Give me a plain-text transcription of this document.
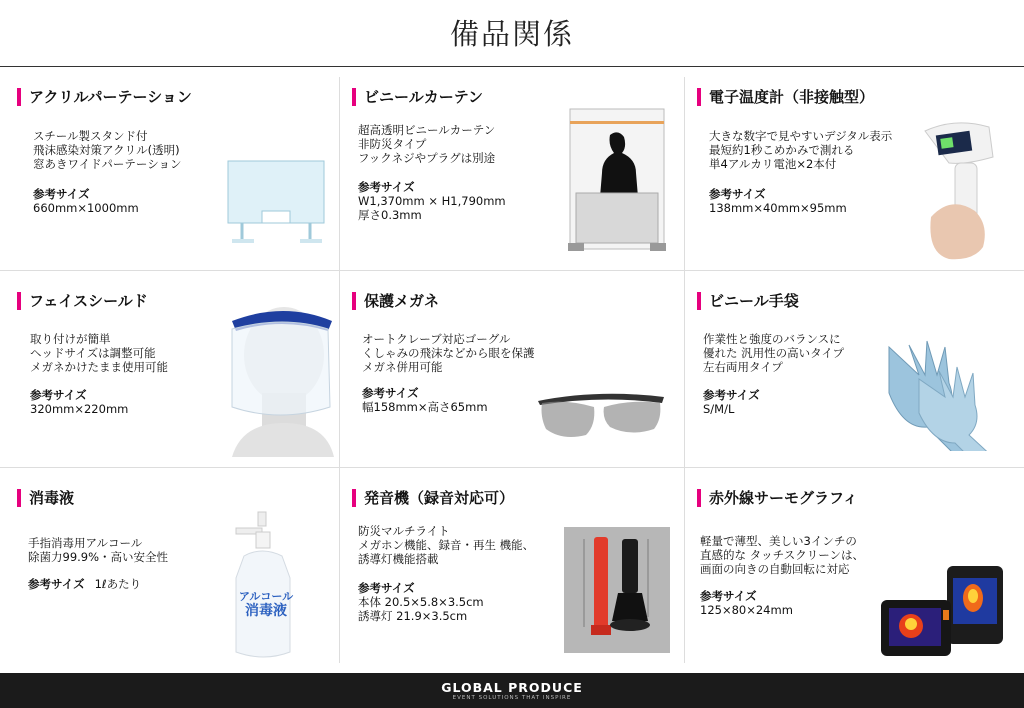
備品関係
アクリルパーテーション
スチール製スタンド付
飛沫感染対策アクリル(透明)
窓あきワイドパーテーション
参考サイズ
660mm×1000mm
ビニールカーテン
超高透明ビニールカーテン
非防災タイプ
フックネジやプラグは別途
参考サイズ
W1,370mm × H1,790mm
厚さ0.3mm
電子温度計（非接触型）
大きな数字で見やすいデジタル表示
最短約1秒こめかみで測れる
単4アルカリ電池×2本付
参考サイズ
138mm×40mm×95mm
フェイスシールド
取り付けが簡単
ヘッドサイズは調整可能
メガネかけたまま使用可能
参考サイズ
320mm×220mm
保護メガネ
オートクレーブ対応ゴーグル
くしゃみの飛沫などから眼を保護
メガネ併用可能
参考サイズ
幅158mm×高さ65mm
ビニール手袋
作業性と強度のバランスに
優れた 汎用性の高いタイプ
左右両用タイプ
参考サイズ
S/M/L
消毒液
手指消毒用アルコール
除菌力99.9%・高い安全性
参考サイズ 1ℓあたり
アルコール
消毒液
発音機（録音対応可）
防災マルチライト
メガホン機能、録音・再生 機能、
誘導灯機能搭載
参考サイズ
本体 20.5×5.8×3.5cm
誘導灯 21.9×3.5cm
赤外線サーモグラフィ
軽量で薄型、美しい3インチの
直感的な タッチスクリーンは、
画面の向きの自動回転に対応
参考サイズ
125×80×24mm
GLOBAL PRODUCE
EVENT SOLUTIONS THAT INSPIRE
